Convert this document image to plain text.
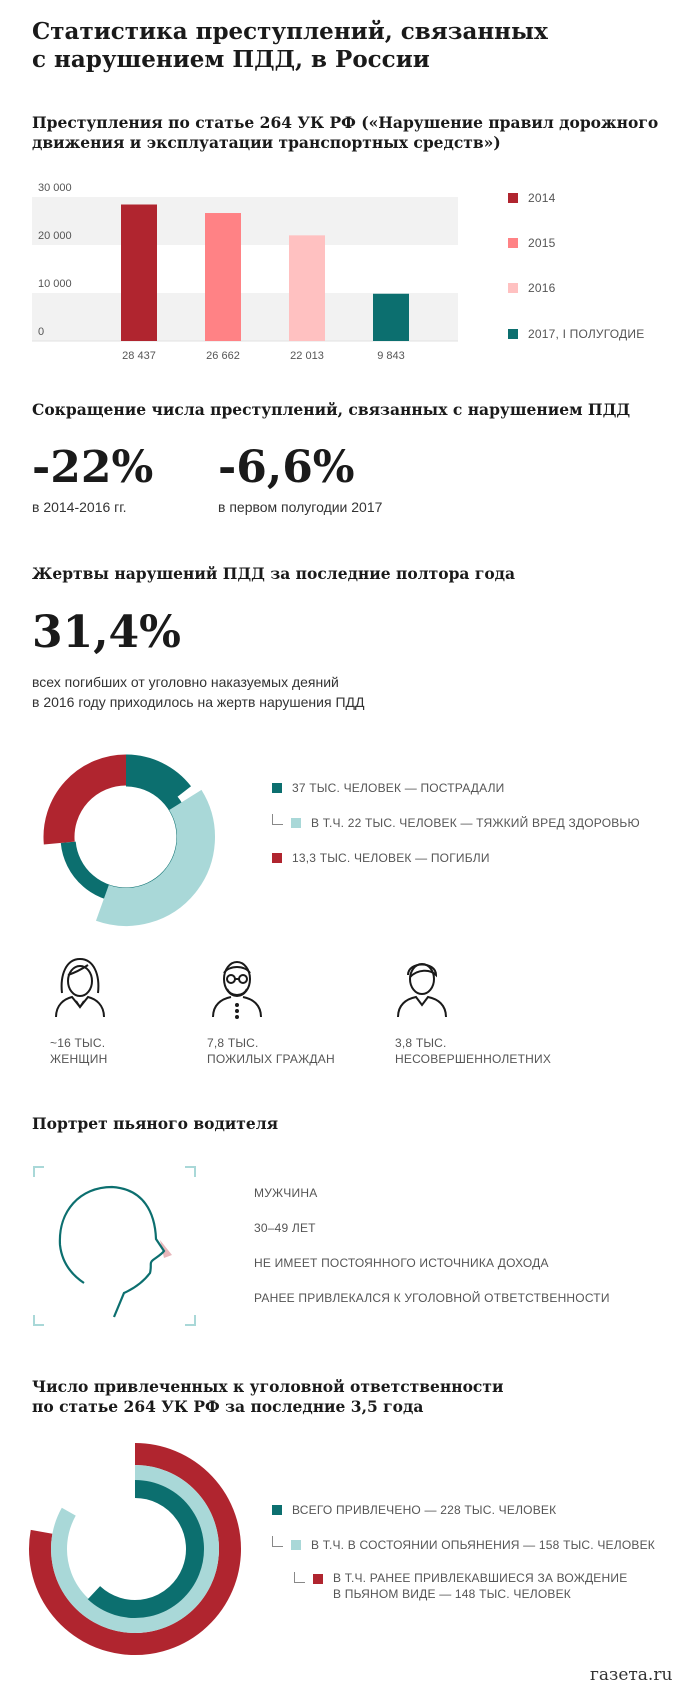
Статистика преступлений, связанных
с нарушением ПДД, в России
Преступления по статье 264 УК РФ («Нарушение правил дорожного
движения и эксплуатации транспортных средств»)
0
10 000
20 000
30 000
28 437	26 662	22 013	9 843
2014
2015
2016
2017, I ПОЛУГОДИЕ
Сокращение числа преступлений, связанных с нарушением ПДД
-22%
в 2014-2016 гг.
-6,6%
в первом полугодии 2017
Жертвы нарушений ПДД за последние полтора года
31,4%
всех погибших от уголовно наказуемых деяний
в 2016 году приходилось на жертв нарушения ПДД
37 ТЫС. ЧЕЛОВЕК — ПОСТРАДАЛИ
В Т.Ч. 22 ТЫС. ЧЕЛОВЕК — ТЯЖКИЙ ВРЕД ЗДОРОВЬЮ
13,3 ТЫС. ЧЕЛОВЕК — ПОГИБЛИ
~16 ТЫС.
ЖЕНЩИН
7,8 ТЫС.
ПОЖИЛЫХ ГРАЖДАН
3,8 ТЫС.
НЕСОВЕРШЕННОЛЕТНИХ
Портрет пьяного водителя
МУЖЧИНА
30–49 ЛЕТ
НЕ ИМЕЕТ ПОСТОЯННОГО ИСТОЧНИКА ДОХОДА
РАНЕЕ ПРИВЛЕКАЛСЯ К УГОЛОВНОЙ ОТВЕТСТВЕННОСТИ
Число привлеченных к уголовной ответственности
по статье 264 УК РФ за последние 3,5 года
ВСЕГО ПРИВЛЕЧЕНО — 228 ТЫС. ЧЕЛОВЕК
В Т.Ч. В СОСТОЯНИИ ОПЬЯНЕНИЯ — 158 ТЫС. ЧЕЛОВЕК
В Т.Ч. РАНЕЕ ПРИВЛЕКАВШИЕСЯ ЗА ВОЖДЕНИЕ
В ПЬЯНОМ ВИДЕ — 148 ТЫС. ЧЕЛОВЕК
газета.ru
